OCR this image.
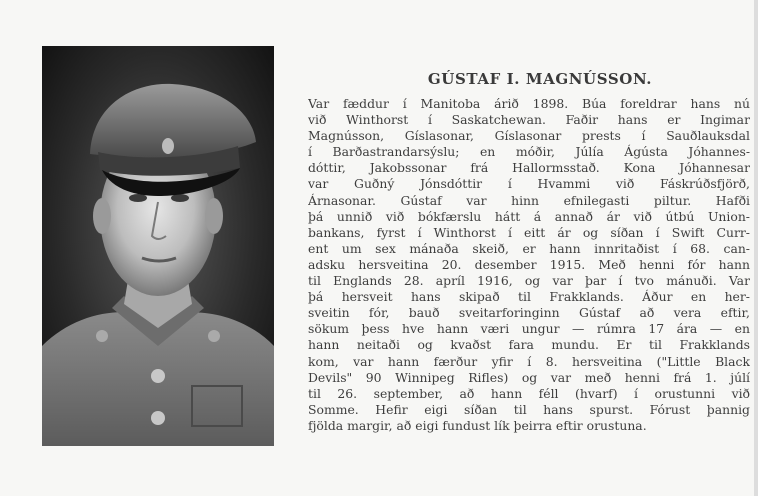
GÚSTAF I. MAGNÚSSON.
Var fæddur í Manitoba árið 1898. Búa foreldrar hans nú
við Winthorst í Saskatchewan. Faðir hans er Ingimar
Magnússon, Gíslasonar, Gíslasonar prests í Sauðlauksdal
í Barðastrandarsýslu; en móðir, Júlía Ágústa Jóhannes-
dóttir, Jakobssonar frá Hallormsstað. Kona Jóhannesar
var Guðný Jónsdóttir í Hvammi við Fáskrúðsfjörð,
Árnasonar. Gústaf var hinn efnilegasti piltur. Hafði
þá unnið við bókfærslu hátt á annað ár við útbú Union-
bankans, fyrst í Winthorst í eitt ár og síðan í Swift Curr-
ent um sex mánaða skeið, er hann innritaðist í 68. can-
adsku hersveitina 20. desember 1915. Með henni fór hann
til Englands 28. apríl 1916, og var þar í tvo mánuði. Var
þá hersveit hans skipað til Frakklands. Áður en her-
sveitin fór, bauð sveitarforinginn Gústaf að vera eftir,
sökum þess hve hann væri ungur — rúmra 17 ára — en
hann neitaði og kvaðst fara mundu. Er til Frakklands
kom, var hann færður yfir í 8. hersveitina ("Little Black
Devils" 90 Winnipeg Rifles) og var með henni frá 1. júlí
til 26. september, að hann féll (hvarf) í orustunni við
Somme. Hefir eigi síðan til hans spurst. Fórust þannig
fjölda margir, að eigi fundust lík þeirra eftir orustuna.
